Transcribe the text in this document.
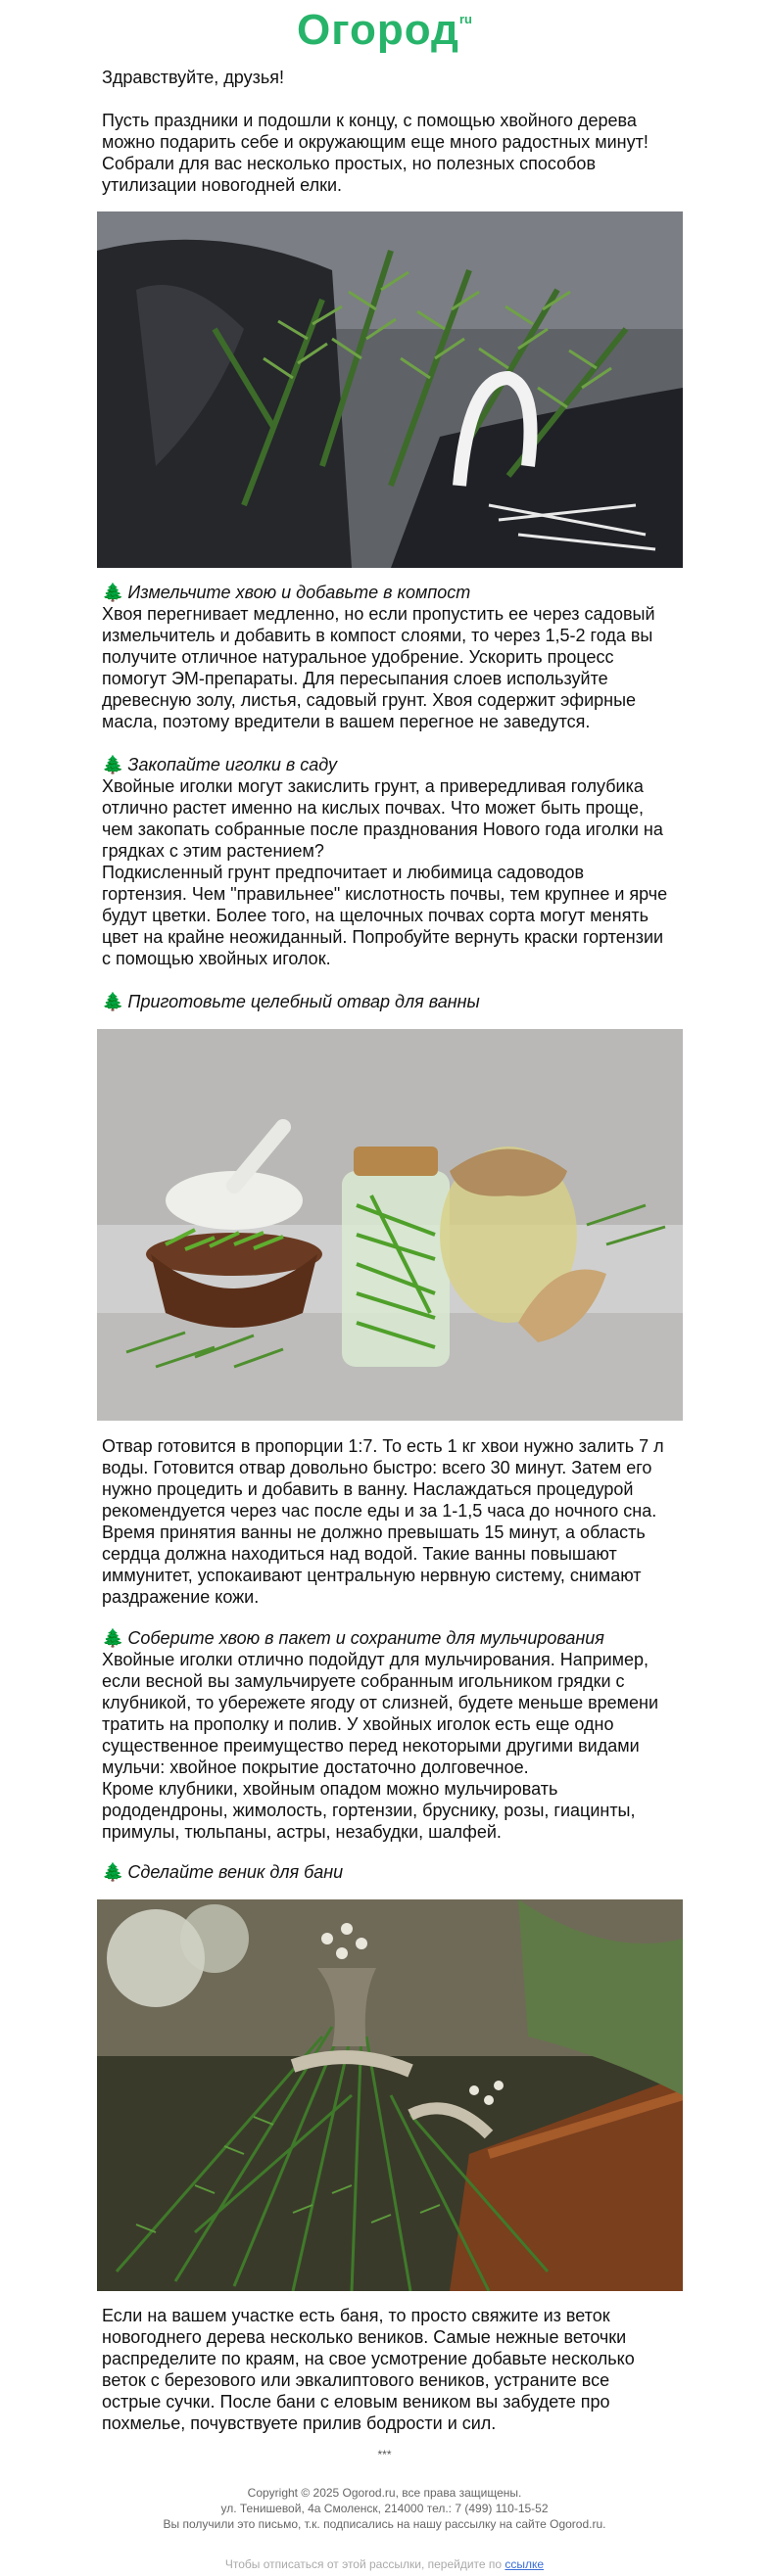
Огород$^{ru}$

Здравствуйте, друзья!

Пусть праздники и подошли к концу, с помощью хвойного дерева

можно подарить себе и окружающим еще много радостных минут!

Собрали для вас несколько простых, но полезных способов

утилизации новогодней елки.

🌲 Измельчите хвою и добавьте в компост

Хвоя перегнивает медленно, но если пропустить ее через садовый

измельчитель и добавить в компост слоями, то через 1,5-2 года вы

получите отличное натуральное удобрение. Ускорить процесс

помогут ЭМ-препараты. Для пересыпания слоев используйте

древесную золу, листья, садовый грунт. Хвоя содержит эфирные

масла, поэтому вредители в вашем перегное не заведутся.

🌲 Закопайте иголки в саду

Хвойные иголки могут закислить грунт, а привередливая голубика

отлично растет именно на кислых почвах. Что может быть проще,

чем закопать собранные после празднования Нового года иголки на

грядках с этим растением?

Подкисленный грунт предпочитает и любимица садоводов

гортензия. Чем "правильнее" кислотность почвы, тем крупнее и ярче

будут цветки. Более того, на щелочных почвах сорта могут менять

цвет на крайне неожиданный. Попробуйте вернуть краски гортензии

с помощью хвойных иголок.

🌲 Приготовьте целебный отвар для ванны

Отвар готовится в пропорции 1:7. То есть 1 кг хвои нужно залить 7 л

воды. Готовится отвар довольно быстро: всего 30 минут. Затем его

нужно процедить и добавить в ванну. Наслаждаться процедурой

рекомендуется через час после еды и за 1-1,5 часа до ночного сна.

Время принятия ванны не должно превышать 15 минут, а область

сердца должна находиться над водой. Такие ванны повышают

иммунитет, успокаивают центральную нервную систему, снимают

раздражение кожи.

🌲 Соберите хвою в пакет и сохраните для мульчирования

Хвойные иголки отлично подойдут для мульчирования. Например,

если весной вы замульчируете собранным игольником грядки с

клубникой, то убережете ягоду от слизней, будете меньше времени

тратить на прополку и полив. У хвойных иголок есть еще одно

существенное преимущество перед некоторыми другими видами

мульчи: хвойное покрытие достаточно долговечное.

Кроме клубники, хвойным опадом можно мульчировать

рододендроны, жимолость, гортензии, бруснику, розы, гиацинты,

примулы, тюльпаны, астры, незабудки, шалфей.

🌲 Сделайте веник для бани

Если на вашем участке есть баня, то просто свяжите из веток

новогоднего дерева несколько веников. Самые нежные веточки

распределите по краям, на свое усмотрение добавьте несколько

веток с березового или эвкалиптового веников, устраните все

острые сучки. После бани с еловым веником вы забудете про

похмелье, почувствуете прилив бодрости и сил.

***
Copyright © 2025 Ogorod.ru, все права защищены.
ул. Тенишевой, 4а Смоленск, 214000 тел.: 7 (499) 110-15-52
Вы получили это письмо, т.к. подписались на нашу рассылку на сайте Ogorod.ru.
Чтобы отписаться от этой рассылки, перейдите по ссылке
